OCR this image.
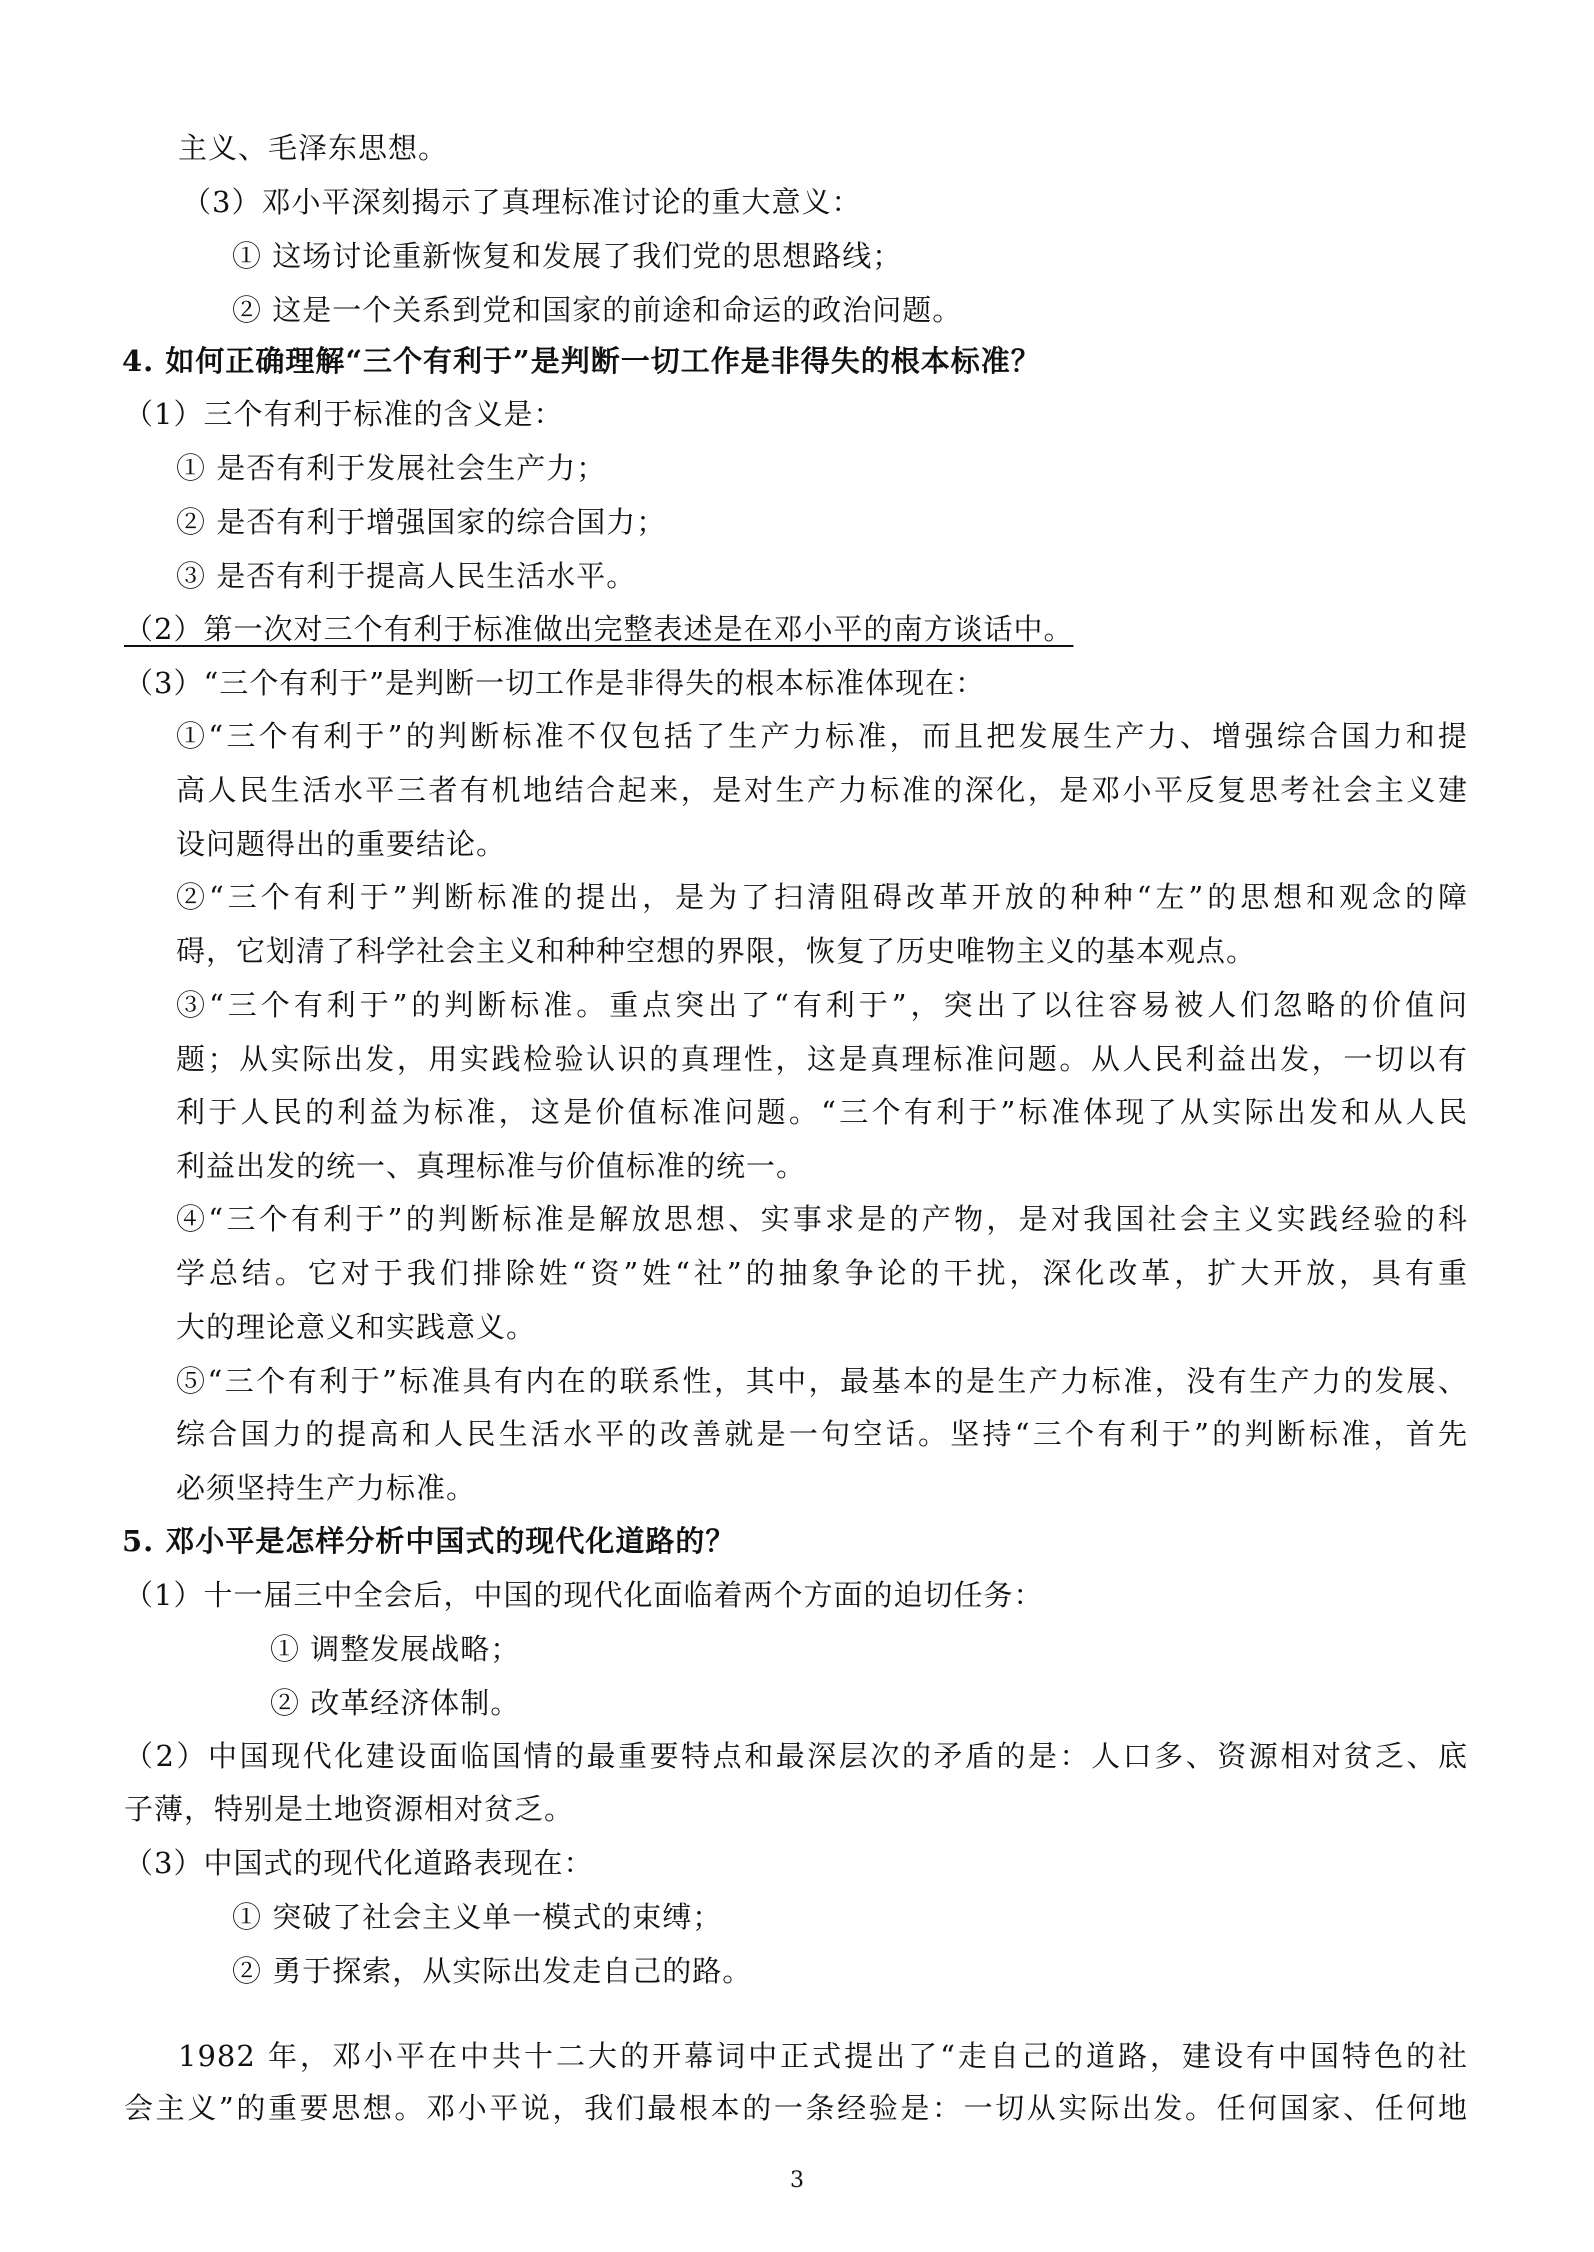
主义、毛泽东思想。
（3）邓小平深刻揭示了真理标准讨论的重大意义：
① 这场讨论重新恢复和发展了我们党的思想路线；
② 这是一个关系到党和国家的前途和命运的政治问题。
4. 如何正确理解“三个有利于”是判断一切工作是非得失的根本标准？
（1）三个有利于标准的含义是：
① 是否有利于发展社会生产力；
② 是否有利于增强国家的综合国力；
③ 是否有利于提高人民生活水平。
（2）第一次对三个有利于标准做出完整表述是在邓小平的南方谈话中。
（3）“三个有利于”是判断一切工作是非得失的根本标准体现在：
①“三个有利于”的判断标准不仅包括了生产力标准，而且把发展生产力、增强综合国力和提
高人民生活水平三者有机地结合起来，是对生产力标准的深化，是邓小平反复思考社会主义建
设问题得出的重要结论。
②“三个有利于”判断标准的提出，是为了扫清阻碍改革开放的种种“左”的思想和观念的障
碍，它划清了科学社会主义和种种空想的界限，恢复了历史唯物主义的基本观点。
③“三个有利于”的判断标准。重点突出了“有利于”，突出了以往容易被人们忽略的价值问
题；从实际出发，用实践检验认识的真理性，这是真理标准问题。从人民利益出发，一切以有
利于人民的利益为标准，这是价值标准问题。“三个有利于”标准体现了从实际出发和从人民
利益出发的统一、真理标准与价值标准的统一。
④“三个有利于”的判断标准是解放思想、实事求是的产物，是对我国社会主义实践经验的科
学总结。它对于我们排除姓“资”姓“社”的抽象争论的干扰，深化改革，扩大开放，具有重
大的理论意义和实践意义。
⑤“三个有利于”标准具有内在的联系性，其中，最基本的是生产力标准，没有生产力的发展、
综合国力的提高和人民生活水平的改善就是一句空话。坚持“三个有利于”的判断标准，首先
必须坚持生产力标准。
5. 邓小平是怎样分析中国式的现代化道路的？
（1）十一届三中全会后，中国的现代化面临着两个方面的迫切任务：
① 调整发展战略；
② 改革经济体制。
（2）中国现代化建设面临国情的最重要特点和最深层次的矛盾的是：人口多、资源相对贫乏、底
子薄，特别是土地资源相对贫乏。
（3）中国式的现代化道路表现在：
① 突破了社会主义单一模式的束缚；
② 勇于探索，从实际出发走自己的路。
1982 年，邓小平在中共十二大的开幕词中正式提出了“走自己的道路，建设有中国特色的社
会主义”的重要思想。邓小平说，我们最根本的一条经验是：一切从实际出发。任何国家、任何地
3
